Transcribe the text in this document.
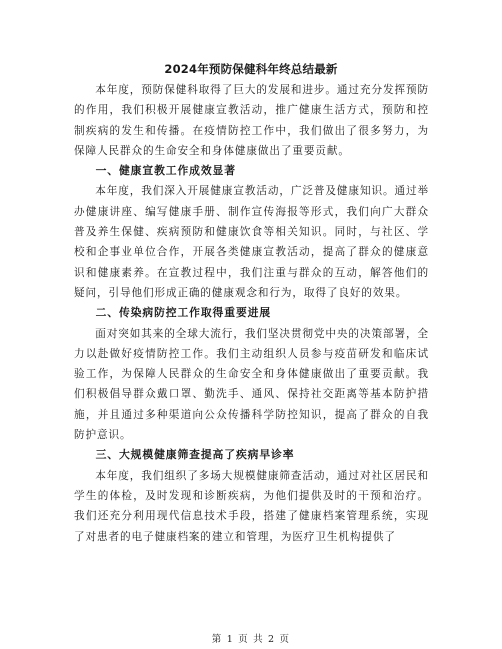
2024年预防保健科年终总结最新

本年度，预防保健科取得了巨大的发展和进步。通过充分发挥预防的作用，我们积极开展健康宣教活动，推广健康生活方式，预防和控制疾病的发生和传播。在疫情防控工作中，我们做出了很多努力，为保障人民群众的生命安全和身体健康做出了重要贡献。

一、健康宣教工作成效显著

本年度，我们深入开展健康宣教活动，广泛普及健康知识。通过举办健康讲座、编写健康手册、制作宣传海报等形式，我们向广大群众普及养生保健、疾病预防和健康饮食等相关知识。同时，与社区、学校和企事业单位合作，开展各类健康宣教活动，提高了群众的健康意识和健康素养。在宣教过程中，我们注重与群众的互动，解答他们的疑问，引导他们形成正确的健康观念和行为，取得了良好的效果。

二、传染病防控工作取得重要进展

面对突如其来的全球大流行，我们坚决贯彻党中央的决策部署，全力以赴做好疫情防控工作。我们主动组织人员参与疫苗研发和临床试验工作，为保障人民群众的生命安全和身体健康做出了重要贡献。我们积极倡导群众戴口罩、勤洗手、通风、保持社交距离等基本防护措施，并且通过多种渠道向公众传播科学防控知识，提高了群众的自我防护意识。

三、大规模健康筛查提高了疾病早诊率

本年度，我们组织了多场大规模健康筛查活动，通过对社区居民和学生的体检，及时发现和诊断疾病，为他们提供及时的干预和治疗。我们还充分利用现代信息技术手段，搭建了健康档案管理系统，实现了对患者的电子健康档案的建立和管理，为医疗卫生机构提供了

第 1 页 共 2 页
